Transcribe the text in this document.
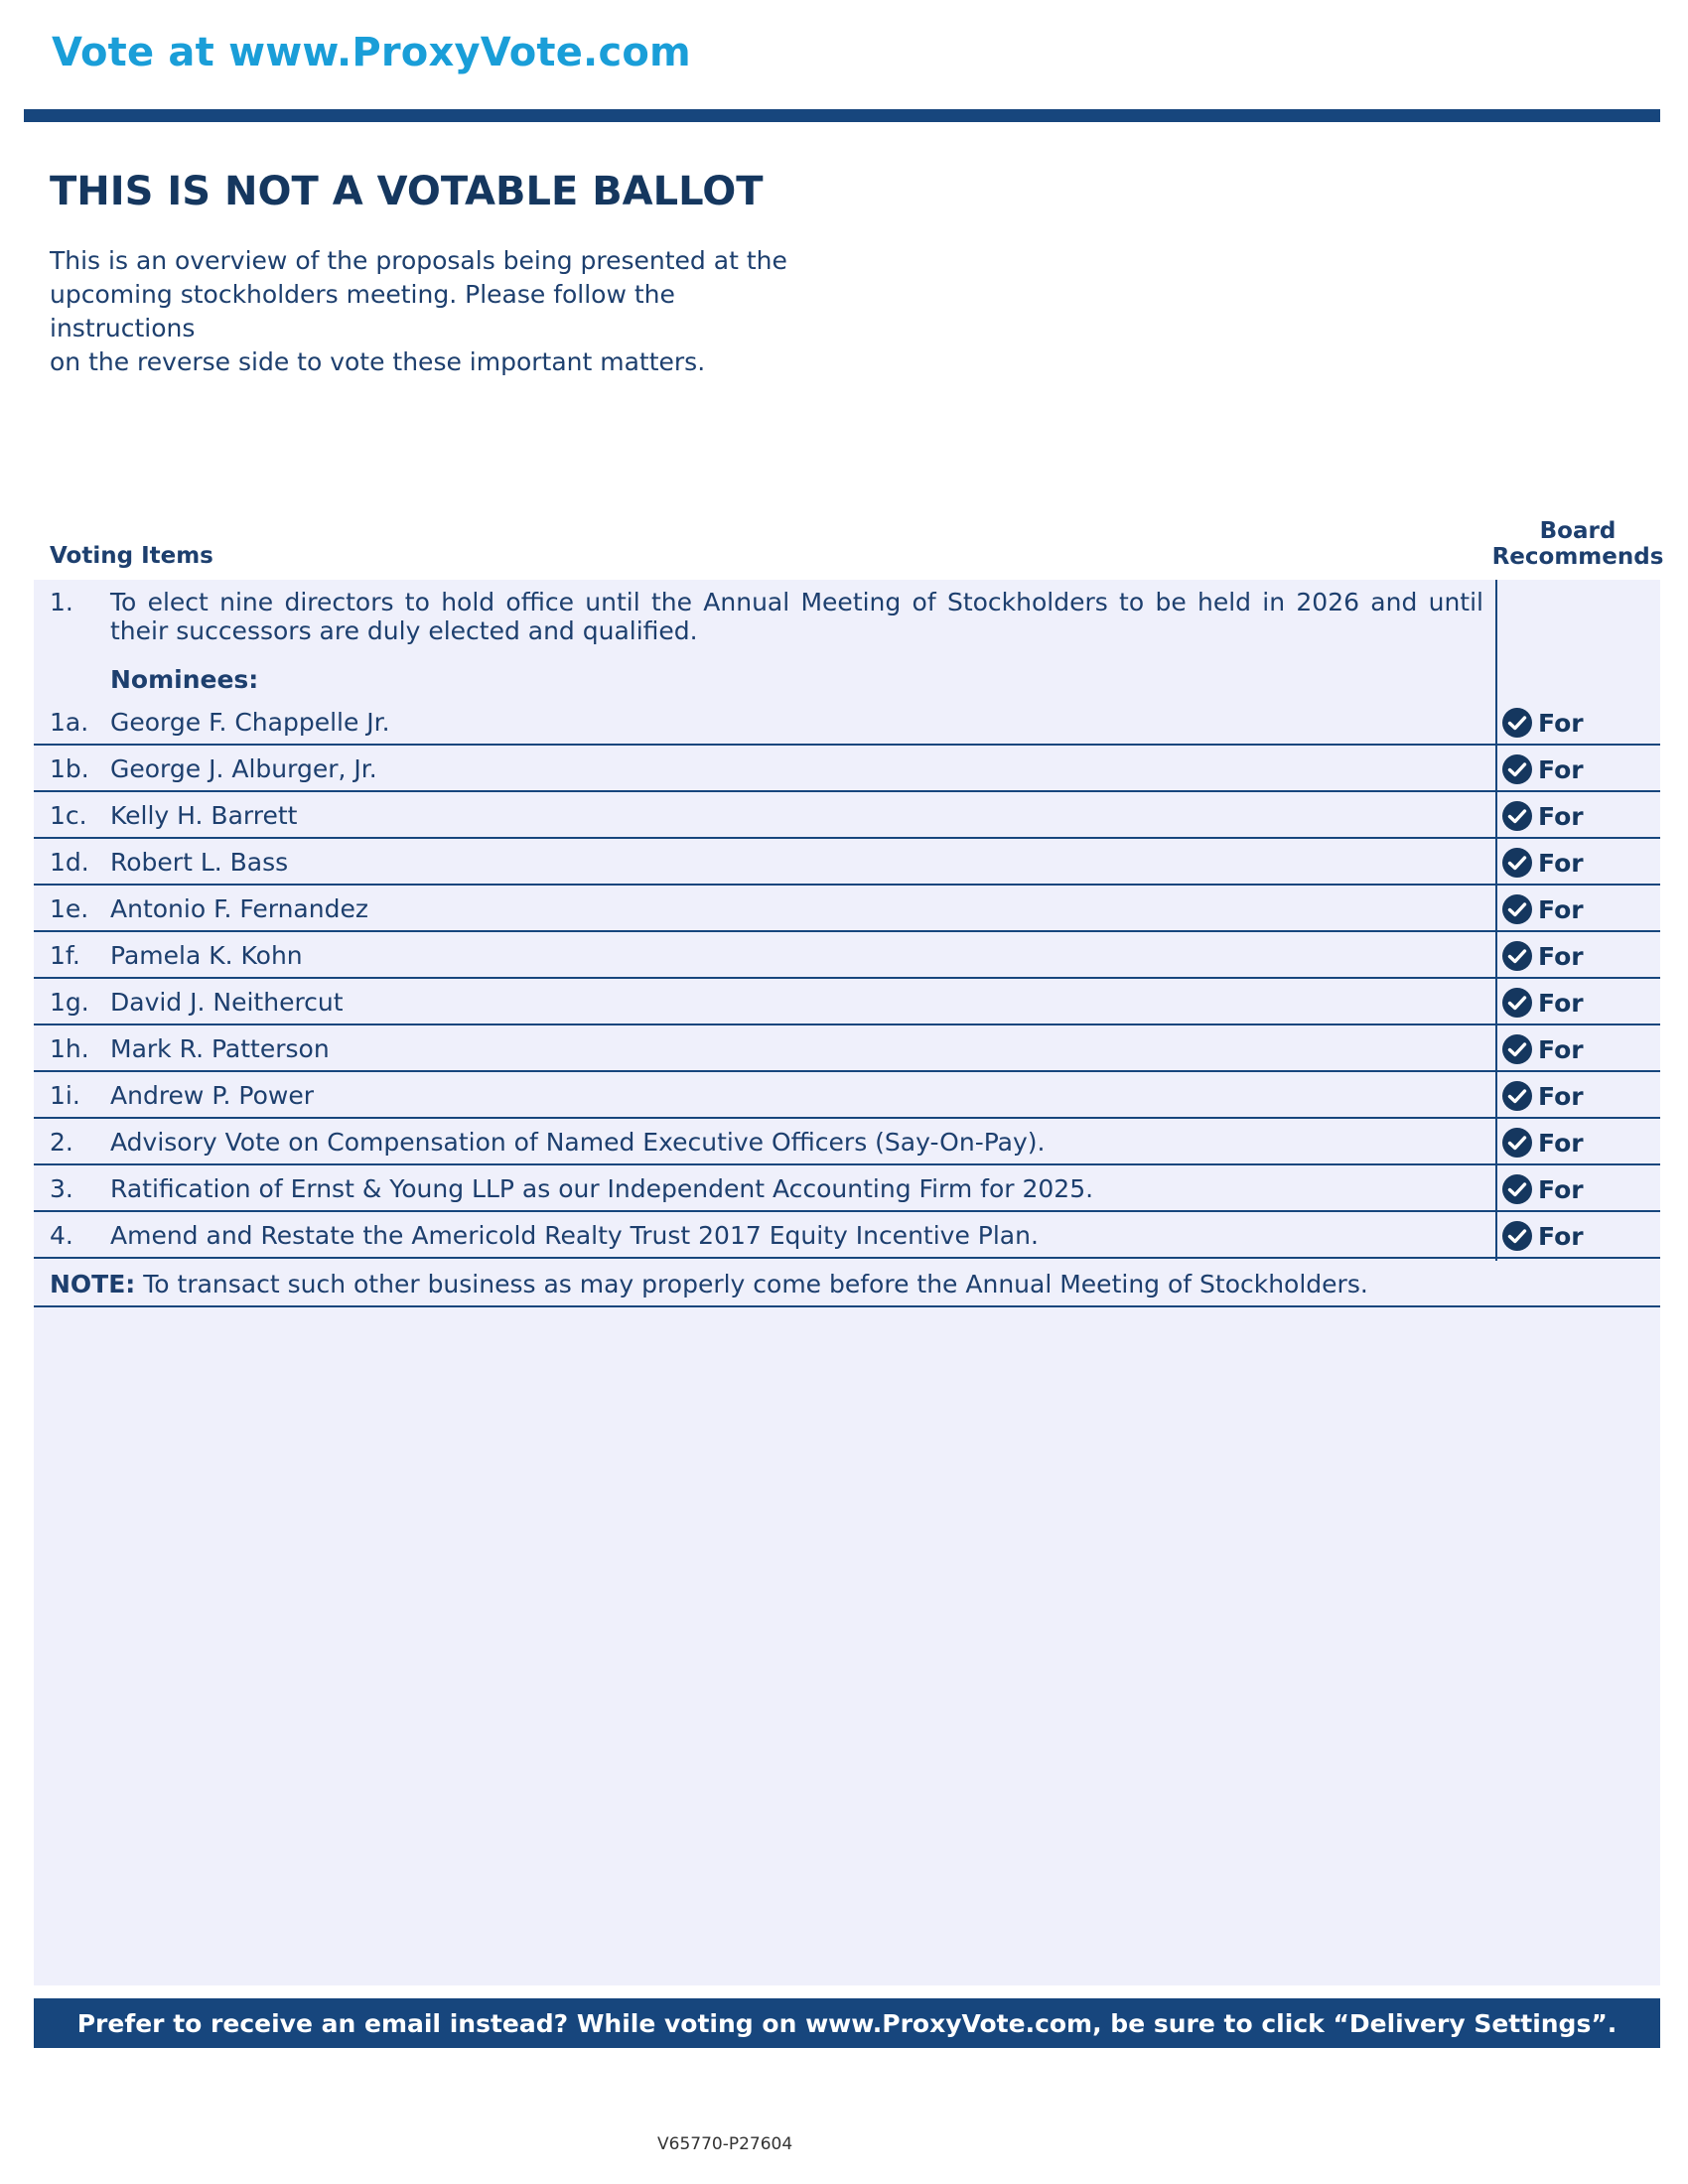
Vote at www.ProxyVote.com
THIS IS NOT A VOTABLE BALLOT
This is an overview of the proposals being presented at the
upcoming stockholders meeting. Please follow the instructions
on the reverse side to vote these important matters.
Voting Items
Board
Recommends
1. To elect nine directors to hold office until the Annual Meeting of Stockholders to be held in 2026 and until their successors are duly elected and qualified.
Nominees:
1a. George F. Chappelle Jr.	For
1b. George J. Alburger, Jr.	For
1c. Kelly H. Barrett	For
1d. Robert L. Bass	For
1e. Antonio F. Fernandez	For
1f. Pamela K. Kohn	For
1g. David J. Neithercut	For
1h. Mark R. Patterson	For
1i. Andrew P. Power	For
2. Advisory Vote on Compensation of Named Executive Officers (Say-On-Pay).	For
3. Ratification of Ernst & Young LLP as our Independent Accounting Firm for 2025.	For
4. Amend and Restate the Americold Realty Trust 2017 Equity Incentive Plan.	For
NOTE: To transact such other business as may properly come before the Annual Meeting of Stockholders.
Prefer to receive an email instead? While voting on www.ProxyVote.com, be sure to click “Delivery Settings”.
V65770-P27604
